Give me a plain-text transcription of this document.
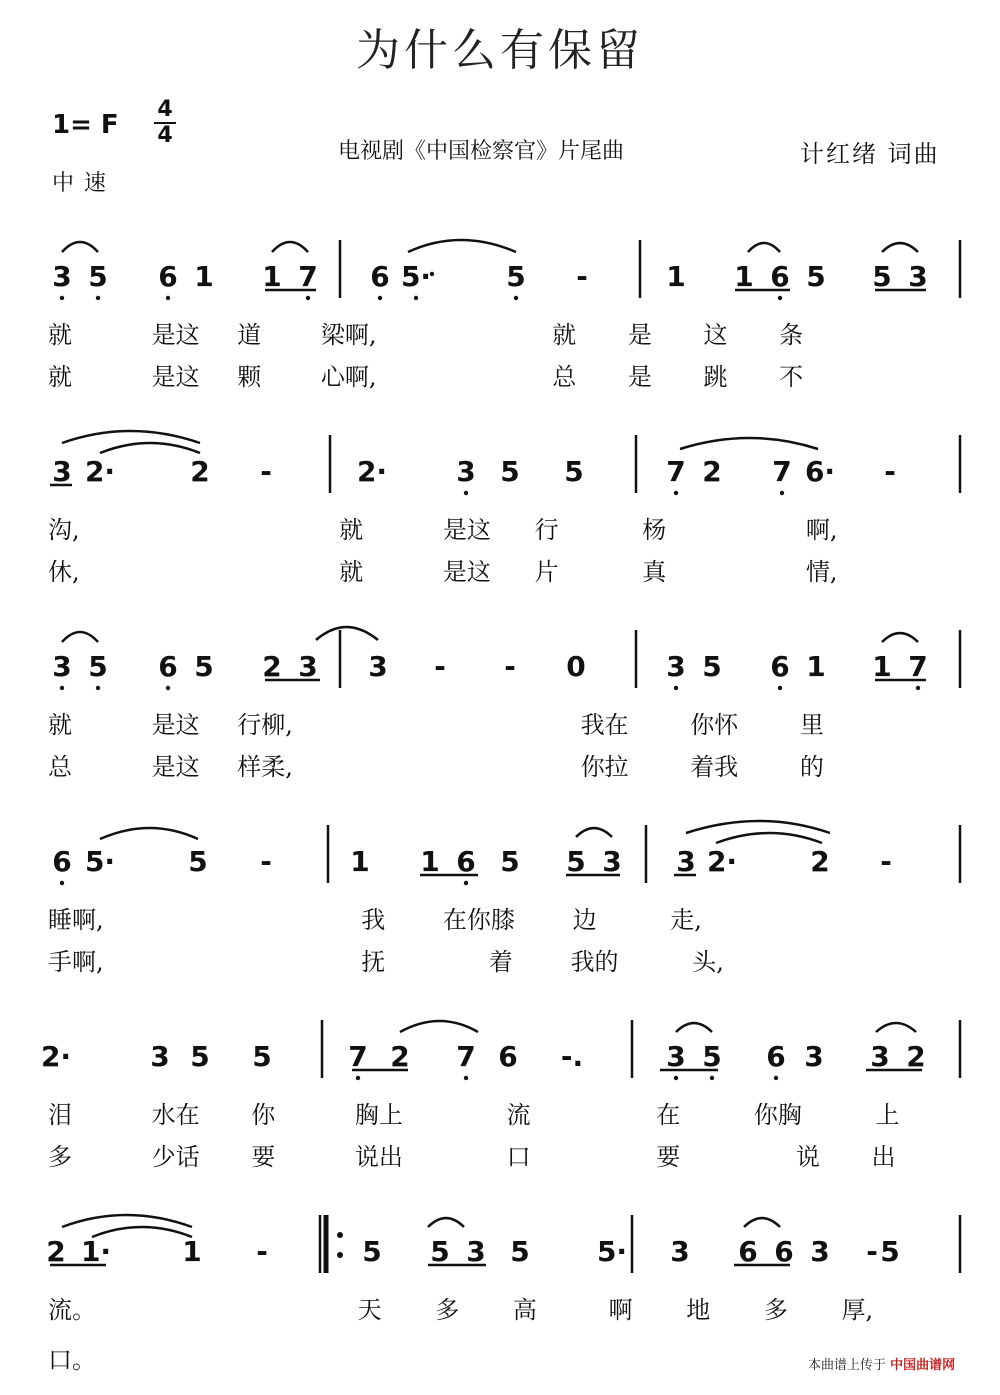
为什么有保留
1= F
4
4
中速
电视剧《中国检察官》片尾曲	计红绪 词曲
3 5 6 1 1 7 6 5·	5 -	1 1 6 5 5 3
就	是这 道 梁啊,	就 是 这 条
就	是这 颗 心啊,	总 是 跳 不
3 2·	2 -	2· 3 5 5	7 2 7 6· -
沟,	就	是这 行	杨	啊,
休,	就	是这 片	真	情,
3 5 6 5 2 3 3 - - 0	3 5 6 1 1 7
就	是这 行柳,	我在	你怀	里
总	是这 样柔,	你拉	着我	的
6 5·	5 -	1 1 6 5 5 3 3 2·	2 -
睡啊,	我 在你膝 边	走,
手啊,	抚	着 我的	头,
2·	3 5 5	7 2 7 6 -.	3 5 6 3 3 2
泪	水在 你	胸上	流	在	你胸	上
多	少话 要	说出	口	要	说 出
2 1·	1 -	5 5 3 5 5· 3 6 6 3 5
-
流。	天 多 高	啊 地 多 厚,
口。	本曲谱上传于 中国曲谱网
